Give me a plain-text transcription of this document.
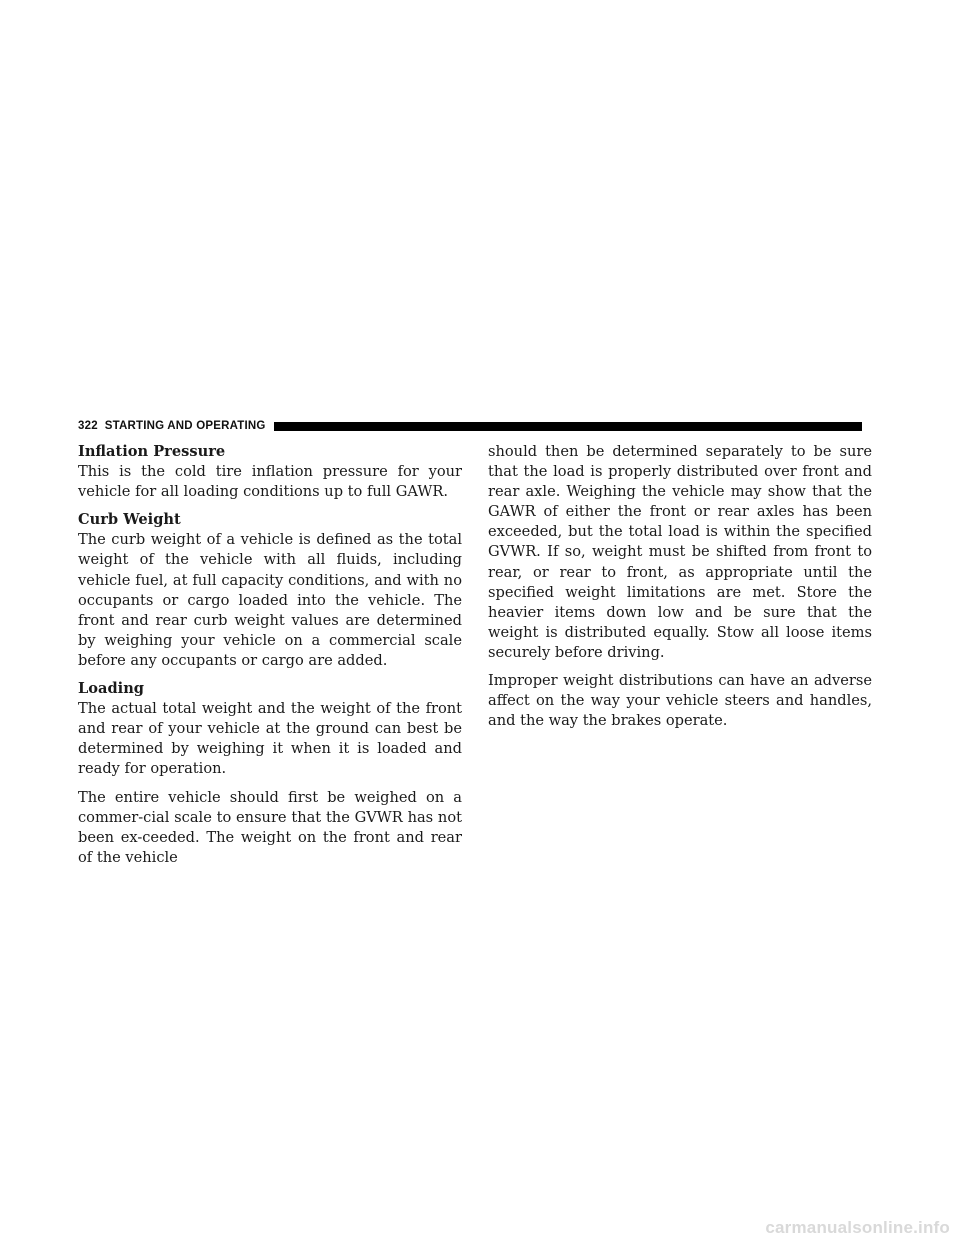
322 STARTING AND OPERATING

Inflation Pressure

This is the cold tire inflation pressure for your vehicle for all loading conditions up to full GAWR.

Curb Weight

The curb weight of a vehicle is defined as the total weight of the vehicle with all fluids, including vehicle fuel, at full capacity conditions, and with no occupants or cargo loaded into the vehicle. The front and rear curb weight values are determined by weighing your vehicle on a commercial scale before any occupants or cargo are added.

Loading

The actual total weight and the weight of the front and rear of your vehicle at the ground can best be determined by weighing it when it is loaded and ready for operation.

The entire vehicle should first be weighed on a commer-cial scale to ensure that the GVWR has not been ex-ceeded. The weight on the front and rear of the vehicle

should then be determined separately to be sure that the load is properly distributed over front and rear axle. Weighing the vehicle may show that the GAWR of either the front or rear axles has been exceeded, but the total load is within the specified GVWR. If so, weight must be shifted from front to rear, or rear to front, as appropriate until the specified weight limitations are met. Store the heavier items down low and be sure that the weight is distributed equally. Stow all loose items securely before driving.

Improper weight distributions can have an adverse affect on the way your vehicle steers and handles, and the way the brakes operate.

carmanualsonline.info
